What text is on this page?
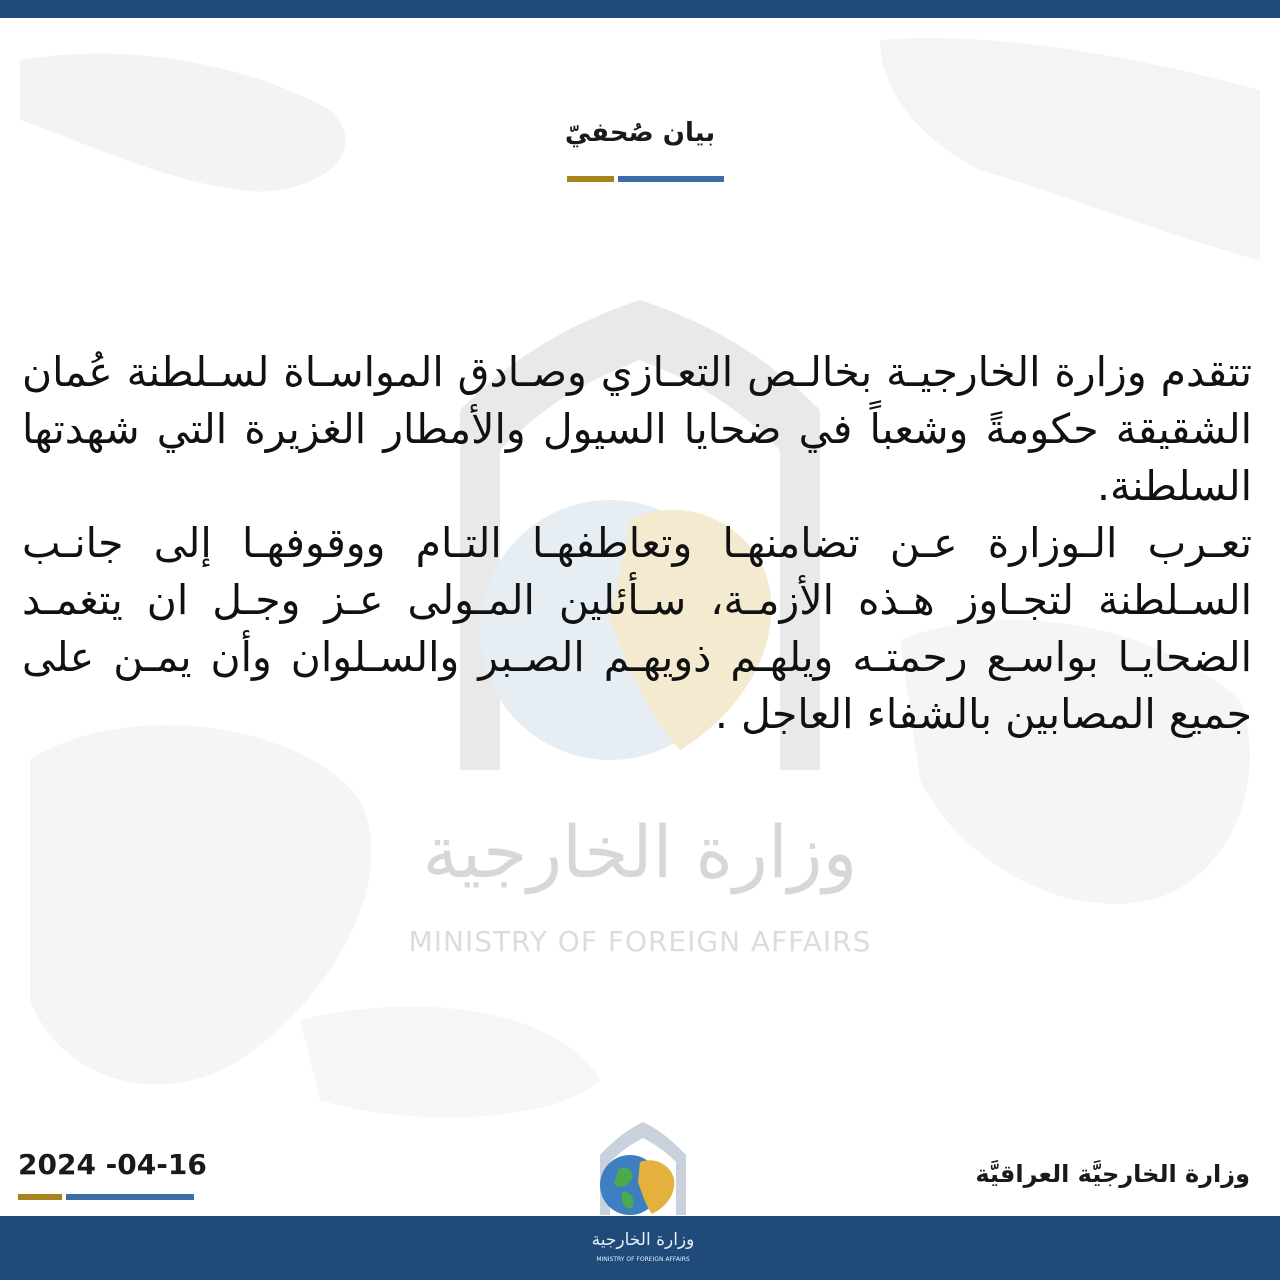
وزارة الخارجية
MINISTRY OF FOREIGN AFFAIRS
بيان صُحفيّ

تتقدم وزارة الخارجيـة بخالـص التعـازي وصـادق المواسـاة لسـلطنة عُمان الشقيقة حكومةً وشعباً في ضحايا السيول والأمطار الغزيرة التي شهدتها السلطنة.

تعـرب الـوزارة عـن تضامنهـا وتعاطفهـا التـام ووقوفهـا إلى جانـب السـلطنة لتجـاوز هـذه الأزمـة، سـأئلين المـولى عـز وجـل ان يتغمـد الضحايـا بواسـع رحمتـه ويلهـم ذويهـم الصـبر والسـلوان وأن يمـن على جميع المصابين بالشفاء العاجل .

2024 -04-16	وزارة الخارجيَّة العراقيَّة
وزارة الخارجية
MINISTRY OF FOREIGN AFFAIRS
